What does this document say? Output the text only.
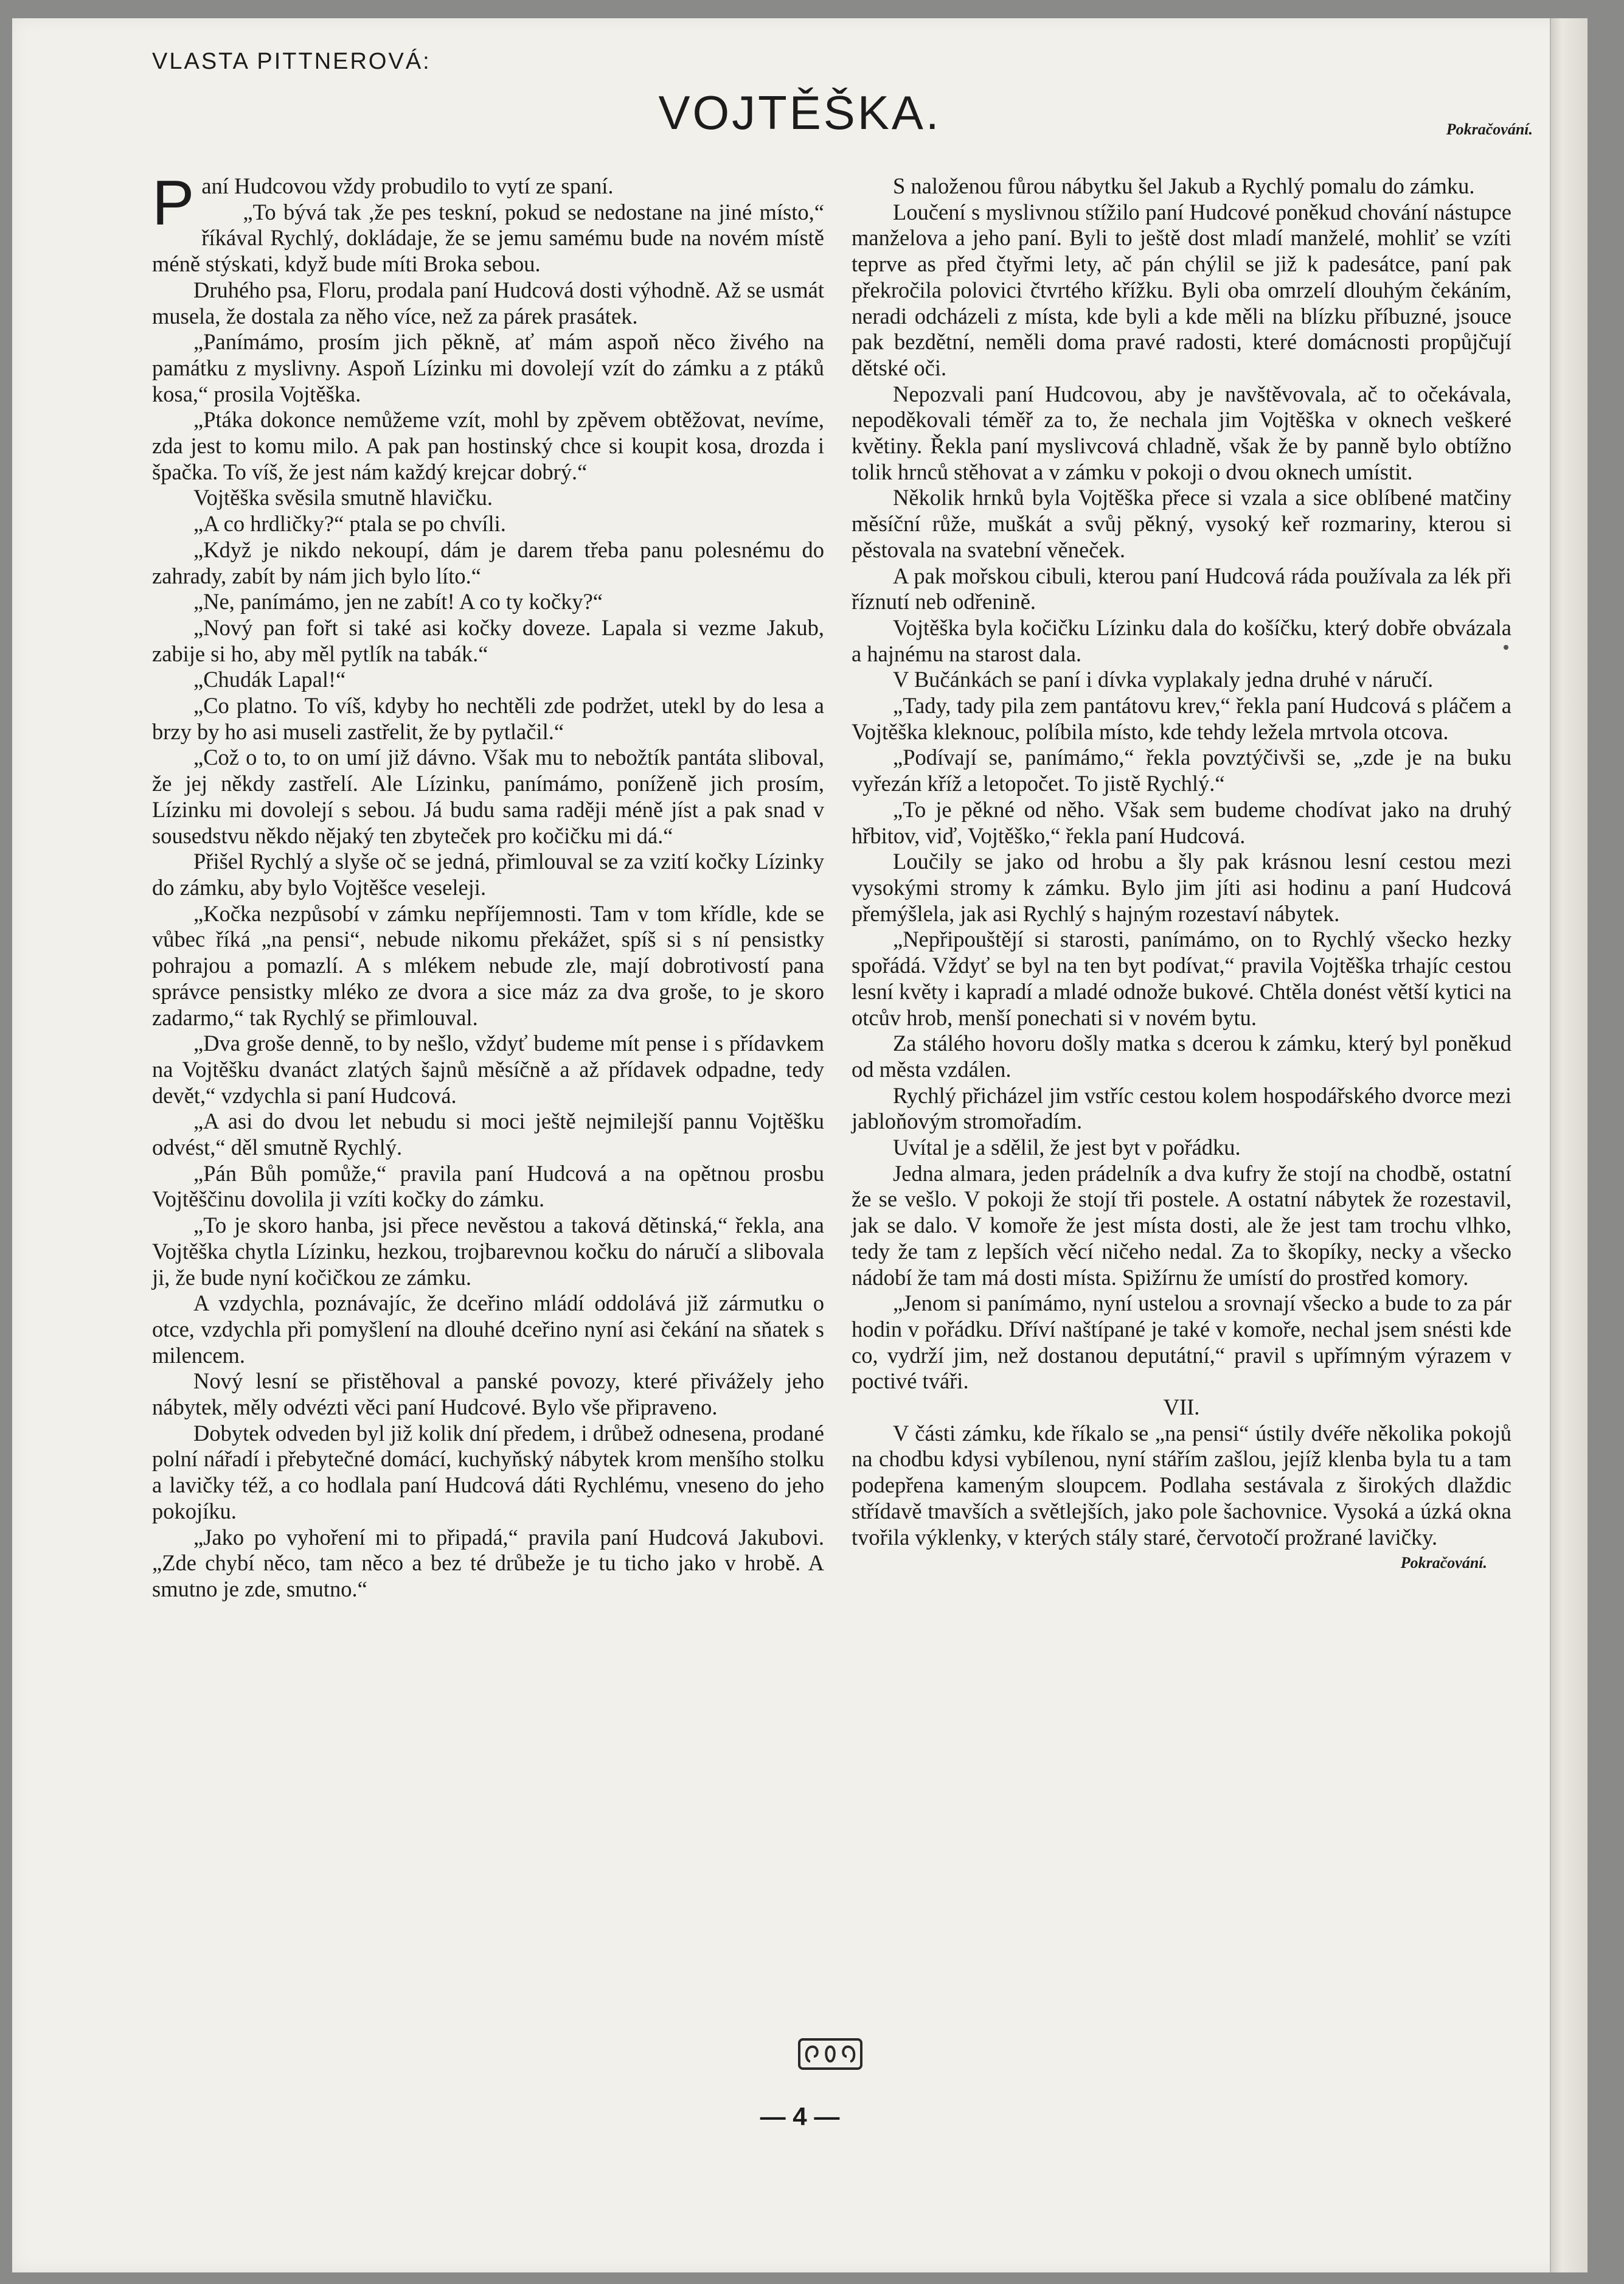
VLASTA PITTNEROVÁ:
VOJTĚŠKA.	Pokračování.

Paní Hudcovou vždy probudilo to vytí ze spaní.

„To bývá tak ,že pes teskní, pokud se nedostane na jiné místo,“ říkával Rychlý, dokládaje, že se jemu samému bude na novém místě méně stýskati, když bude míti Broka sebou.

Druhého psa, Floru, prodala paní Hudcová dosti výhodně. Až se usmát musela, že dostala za něho více, než za párek prasátek.

„Panímámo, prosím jich pěkně, ať mám aspoň něco živého na památku z myslivny. Aspoň Lízinku mi dovolejí vzít do zámku a z ptáků kosa,“ prosila Vojtěška.

„Ptáka dokonce nemůžeme vzít, mohl by zpěvem obtěžovat, nevíme, zda jest to komu milo. A pak pan hostinský chce si koupit kosa, drozda i špačka. To víš, že jest nám každý krejcar dobrý.“

Vojtěška svěsila smutně hlavičku.

„A co hrdličky?“ ptala se po chvíli.

„Když je nikdo nekoupí, dám je darem třeba panu polesnému do zahrady, zabít by nám jich bylo líto.“

„Ne, panímámo, jen ne zabít! A co ty kočky?“

„Nový pan fořt si také asi kočky doveze. Lapala si vezme Jakub, zabije si ho, aby měl pytlík na tabák.“

„Chudák Lapal!“

„Co platno. To víš, kdyby ho nechtěli zde podržet, utekl by do lesa a brzy by ho asi museli zastřelit, že by pytlačil.“

„Což o to, to on umí již dávno. Však mu to nebožtík pantáta sliboval, že jej někdy zastřelí. Ale Lízinku, panímámo, poníženě jich prosím, Lízinku mi dovolejí s sebou. Já budu sama raději méně jíst a pak snad v sousedstvu někdo nějaký ten zbyteček pro kočičku mi dá.“

Přišel Rychlý a slyše oč se jedná, přimlouval se za vzití kočky Lízinky do zámku, aby bylo Vojtěšce veseleji.

„Kočka nezpůsobí v zámku nepříjemnosti. Tam v tom křídle, kde se vůbec říká „na pensi“, nebude nikomu překážet, spíš si s ní pensistky pohrajou a pomazlí. A s mlékem nebude zle, mají dobrotivostí pana správce pensistky mléko ze dvora a sice máz za dva groše, to je skoro zadarmo,“ tak Rychlý se přimlouval.

„Dva groše denně, to by nešlo, vždyť budeme mít pense i s přídavkem na Vojtěšku dvanáct zlatých šajnů měsíčně a až přídavek odpadne, tedy devět,“ vzdychla si paní Hudcová.

„A asi do dvou let nebudu si moci ještě nejmilejší pannu Vojtěšku odvést,“ děl smutně Rychlý.

„Pán Bůh pomůže,“ pravila paní Hudcová a na opětnou prosbu Vojtěščinu dovolila ji vzíti kočky do zámku.

„To je skoro hanba, jsi přece nevěstou a taková dětinská,“ řekla, ana Vojtěška chytla Lízinku, hezkou, trojbarevnou kočku do náručí a slibovala ji, že bude nyní kočičkou ze zámku.

A vzdychla, poznávajíc, že dceřino mládí oddolává již zármutku o otce, vzdychla při pomyšlení na dlouhé dceřino nyní asi čekání na sňatek s milencem.

Nový lesní se přistěhoval a panské povozy, které přivážely jeho nábytek, měly odvézti věci paní Hudcové. Bylo vše připraveno.

Dobytek odveden byl již kolik dní předem, i drůbež odnesena, prodané polní nářadí i přebytečné domácí, kuchyňský nábytek krom menšího stolku a lavičky též, a co hodlala paní Hudcová dáti Rychlému, vneseno do jeho pokojíku.

„Jako po vyhoření mi to připadá,“ pravila paní Hudcová Jakubovi. „Zde chybí něco, tam něco a bez té drůbeže je tu ticho jako v hrobě. A smutno je zde, smutno.“

S naloženou fůrou nábytku šel Jakub a Rychlý pomalu do zámku.

Loučení s myslivnou stížilo paní Hudcové poněkud chování nástupce manželova a jeho paní. Byli to ještě dost mladí manželé, mohliť se vzíti teprve as před čtyřmi lety, ač pán chýlil se již k padesátce, paní pak překročila polovici čtvrtého křížku. Byli oba omrzelí dlouhým čekáním, neradi odcházeli z místa, kde byli a kde měli na blízku příbuzné, jsouce pak bezdětní, neměli doma pravé radosti, které domácnosti propůjčují dětské oči.

Nepozvali paní Hudcovou, aby je navštěvovala, ač to očekávala, nepoděkovali téměř za to, že nechala jim Vojtěška v oknech veškeré květiny. Řekla paní myslivcová chladně, však že by panně bylo obtížno tolik hrnců stěhovat a v zámku v pokoji o dvou oknech umístit.

Několik hrnků byla Vojtěška přece si vzala a sice oblíbené matčiny měsíční růže, muškát a svůj pěkný, vysoký keř rozmariny, kterou si pěstovala na svatební věneček.

A pak mořskou cibuli, kterou paní Hudcová ráda používala za lék při říznutí neb odřenině.

Vojtěška byla kočičku Lízinku dala do košíčku, který dobře obvázala a hajnému na starost dala.

V Bučánkách se paní i dívka vyplakaly jedna druhé v náručí.

„Tady, tady pila zem pantátovu krev,“ řekla paní Hudcová s pláčem a Vojtěška kleknouc, políbila místo, kde tehdy ležela mrtvola otcova.

„Podívají se, panímámo,“ řekla povztýčivši se, „zde je na buku vyřezán kříž a letopočet. To jistě Rychlý.“

„To je pěkné od něho. Však sem budeme chodívat jako na druhý hřbitov, viď, Vojtěško,“ řekla paní Hudcová.

Loučily se jako od hrobu a šly pak krásnou lesní cestou mezi vysokými stromy k zámku. Bylo jim jíti asi hodinu a paní Hudcová přemýšlela, jak asi Rychlý s hajným rozestaví nábytek.

„Nepřipouštějí si starosti, panímámo, on to Rychlý všecko hezky spořádá. Vždyť se byl na ten byt podívat,“ pravila Vojtěška trhajíc cestou lesní květy i kapradí a mladé odnože bukové. Chtěla donést větší kytici na otcův hrob, menší ponechati si v novém bytu.

Za stálého hovoru došly matka s dcerou k zámku, který byl poněkud od města vzdálen.

Rychlý přicházel jim vstříc cestou kolem hospodářského dvorce mezi jabloňovým stromořadím.

Uvítal je a sdělil, že jest byt v pořádku.

Jedna almara, jeden prádelník a dva kufry že stojí na chodbě, ostatní že se vešlo. V pokoji že stojí tři postele. A ostatní nábytek že rozestavil, jak se dalo. V komoře že jest místa dosti, ale že jest tam trochu vlhko, tedy že tam z lepších věcí ničeho nedal. Za to škopíky, necky a všecko nádobí že tam má dosti místa. Spižírnu že umístí do prostřed komory.

„Jenom si panímámo, nyní ustelou a srovnají všecko a bude to za pár hodin v pořádku. Dříví naštípané je také v komoře, nechal jsem snésti kde co, vydrží jim, než dostanou deputátní,“ pravil s upřímným výrazem v poctivé tváři.

VII.

V části zámku, kde říkalo se „na pensi“ ústily dvéře několika pokojů na chodbu kdysi vybílenou, nyní stářím zašlou, jejíž klenba byla tu a tam podepřena kameným sloupcem. Podlaha sestávala z širokých dlaždic střídavě tmavších a světlejších, jako pole šachovnice. Vysoká a úzká okna tvořila výklenky, v kterých stály staré, červotočí prožrané lavičky.
Pokračování.

— 4 —
